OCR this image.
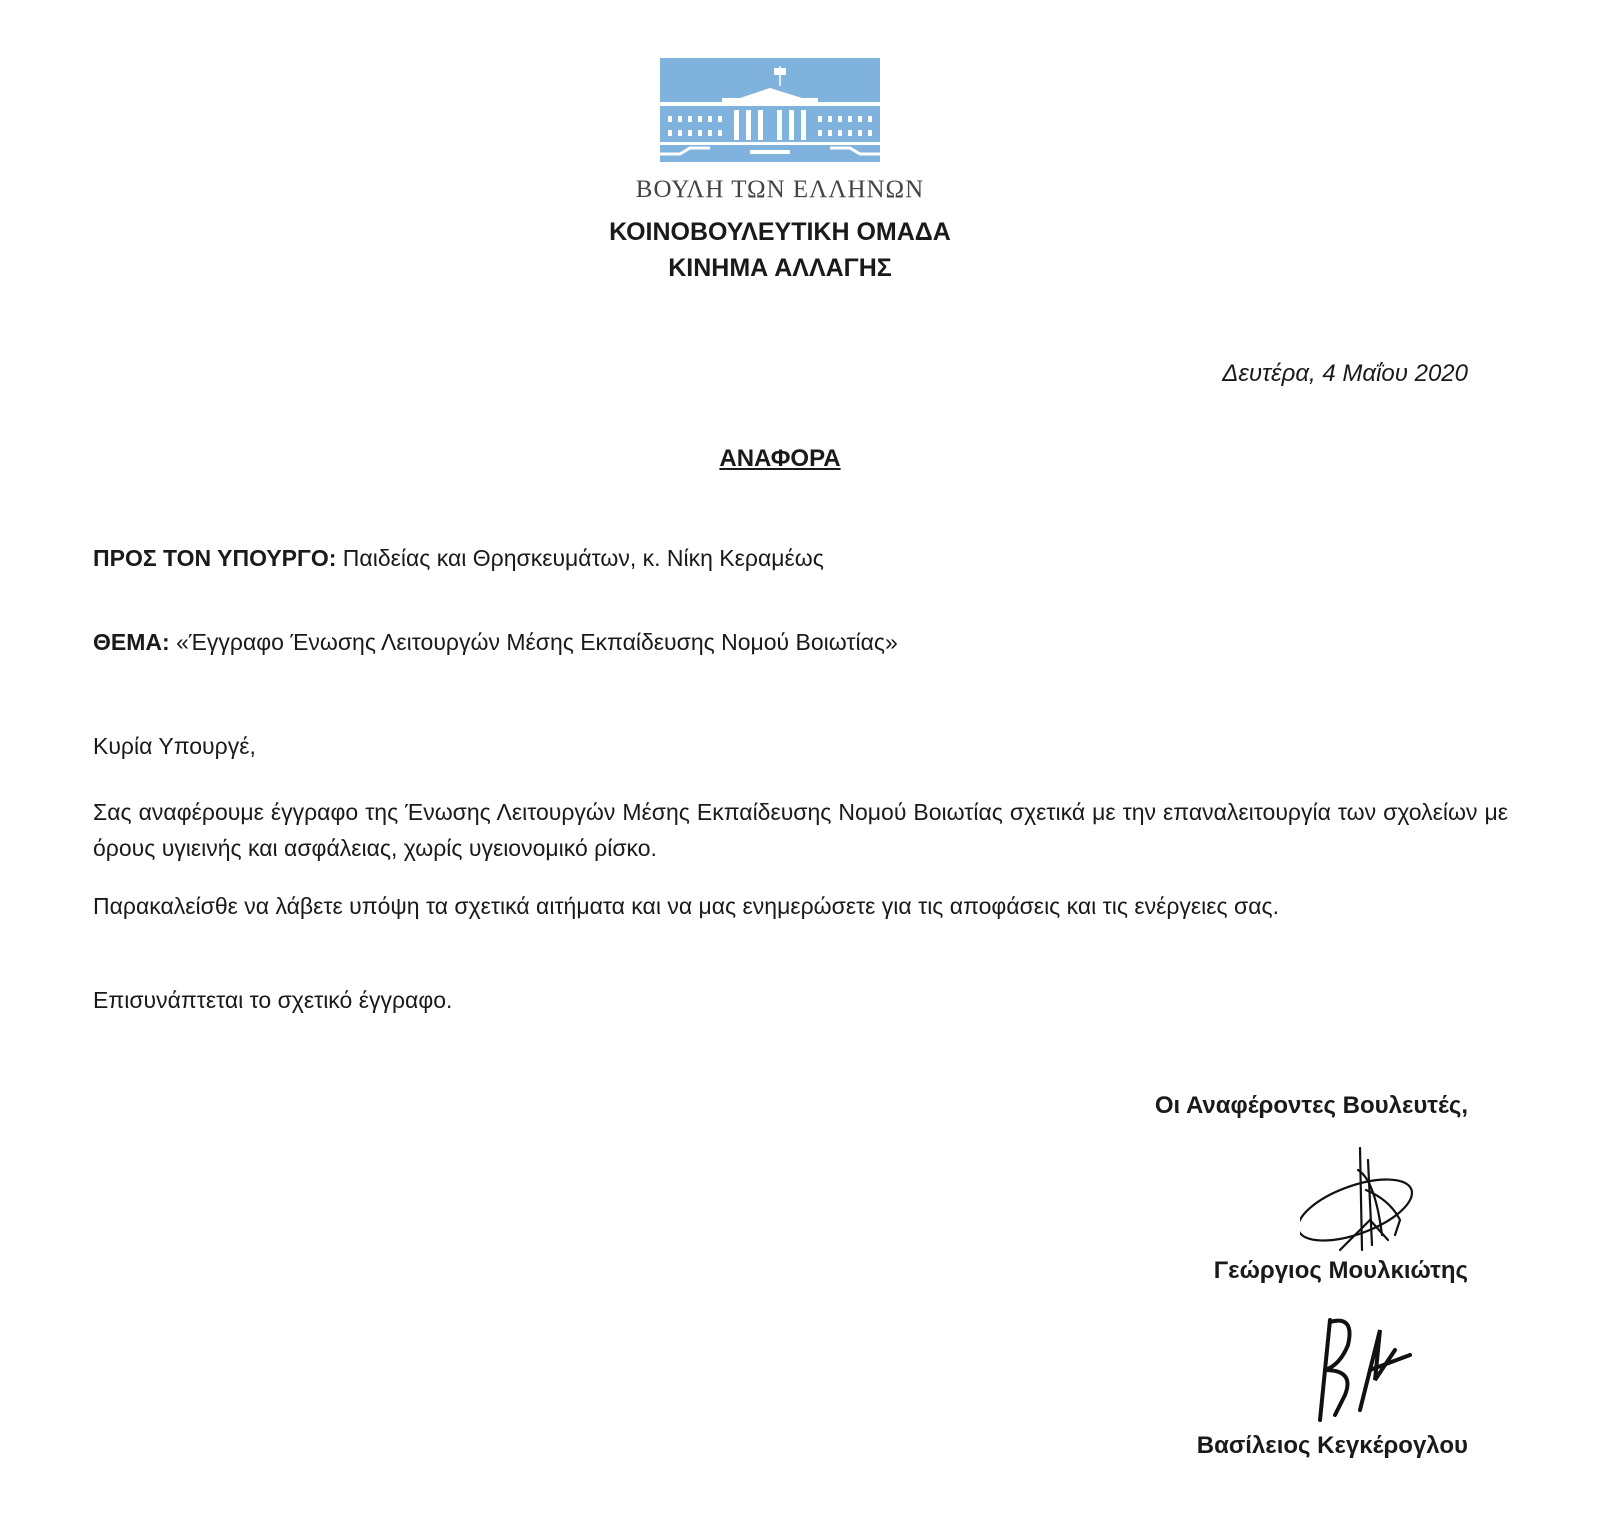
ΒΟΥΛΗ ΤΩΝ ΕΛΛΗΝΩΝ
ΚΟΙΝΟΒΟΥΛΕΥΤΙΚΗ ΟΜΑΔΑ
ΚΙΝΗΜΑ ΑΛΛΑΓΗΣ
Δευτέρα, 4 Μαΐου 2020
ΑΝΑΦΟΡΑ
ΠΡΟΣ ΤΟΝ ΥΠΟΥΡΓΟ: Παιδείας και Θρησκευμάτων, κ. Νίκη Κεραμέως
ΘΕΜΑ: «Έγγραφο Ένωσης Λειτουργών Μέσης Εκπαίδευσης Νομού Βοιωτίας»
Κυρία Υπουργέ,
Σας αναφέρουμε έγγραφο της Ένωσης Λειτουργών Μέσης Εκπαίδευσης Νομού Βοιωτίας σχετικά με την επαναλειτουργία των σχολείων με όρους υγιεινής και ασφάλειας, χωρίς υγειονομικό ρίσκο.
Παρακαλείσθε να λάβετε υπόψη τα σχετικά αιτήματα και να μας ενημερώσετε για τις αποφάσεις και τις ενέργειες σας.
Επισυνάπτεται το σχετικό έγγραφο.
Οι Αναφέροντες Βουλευτές,
Γεώργιος Μουλκιώτης
Βασίλειος Κεγκέρογλου
